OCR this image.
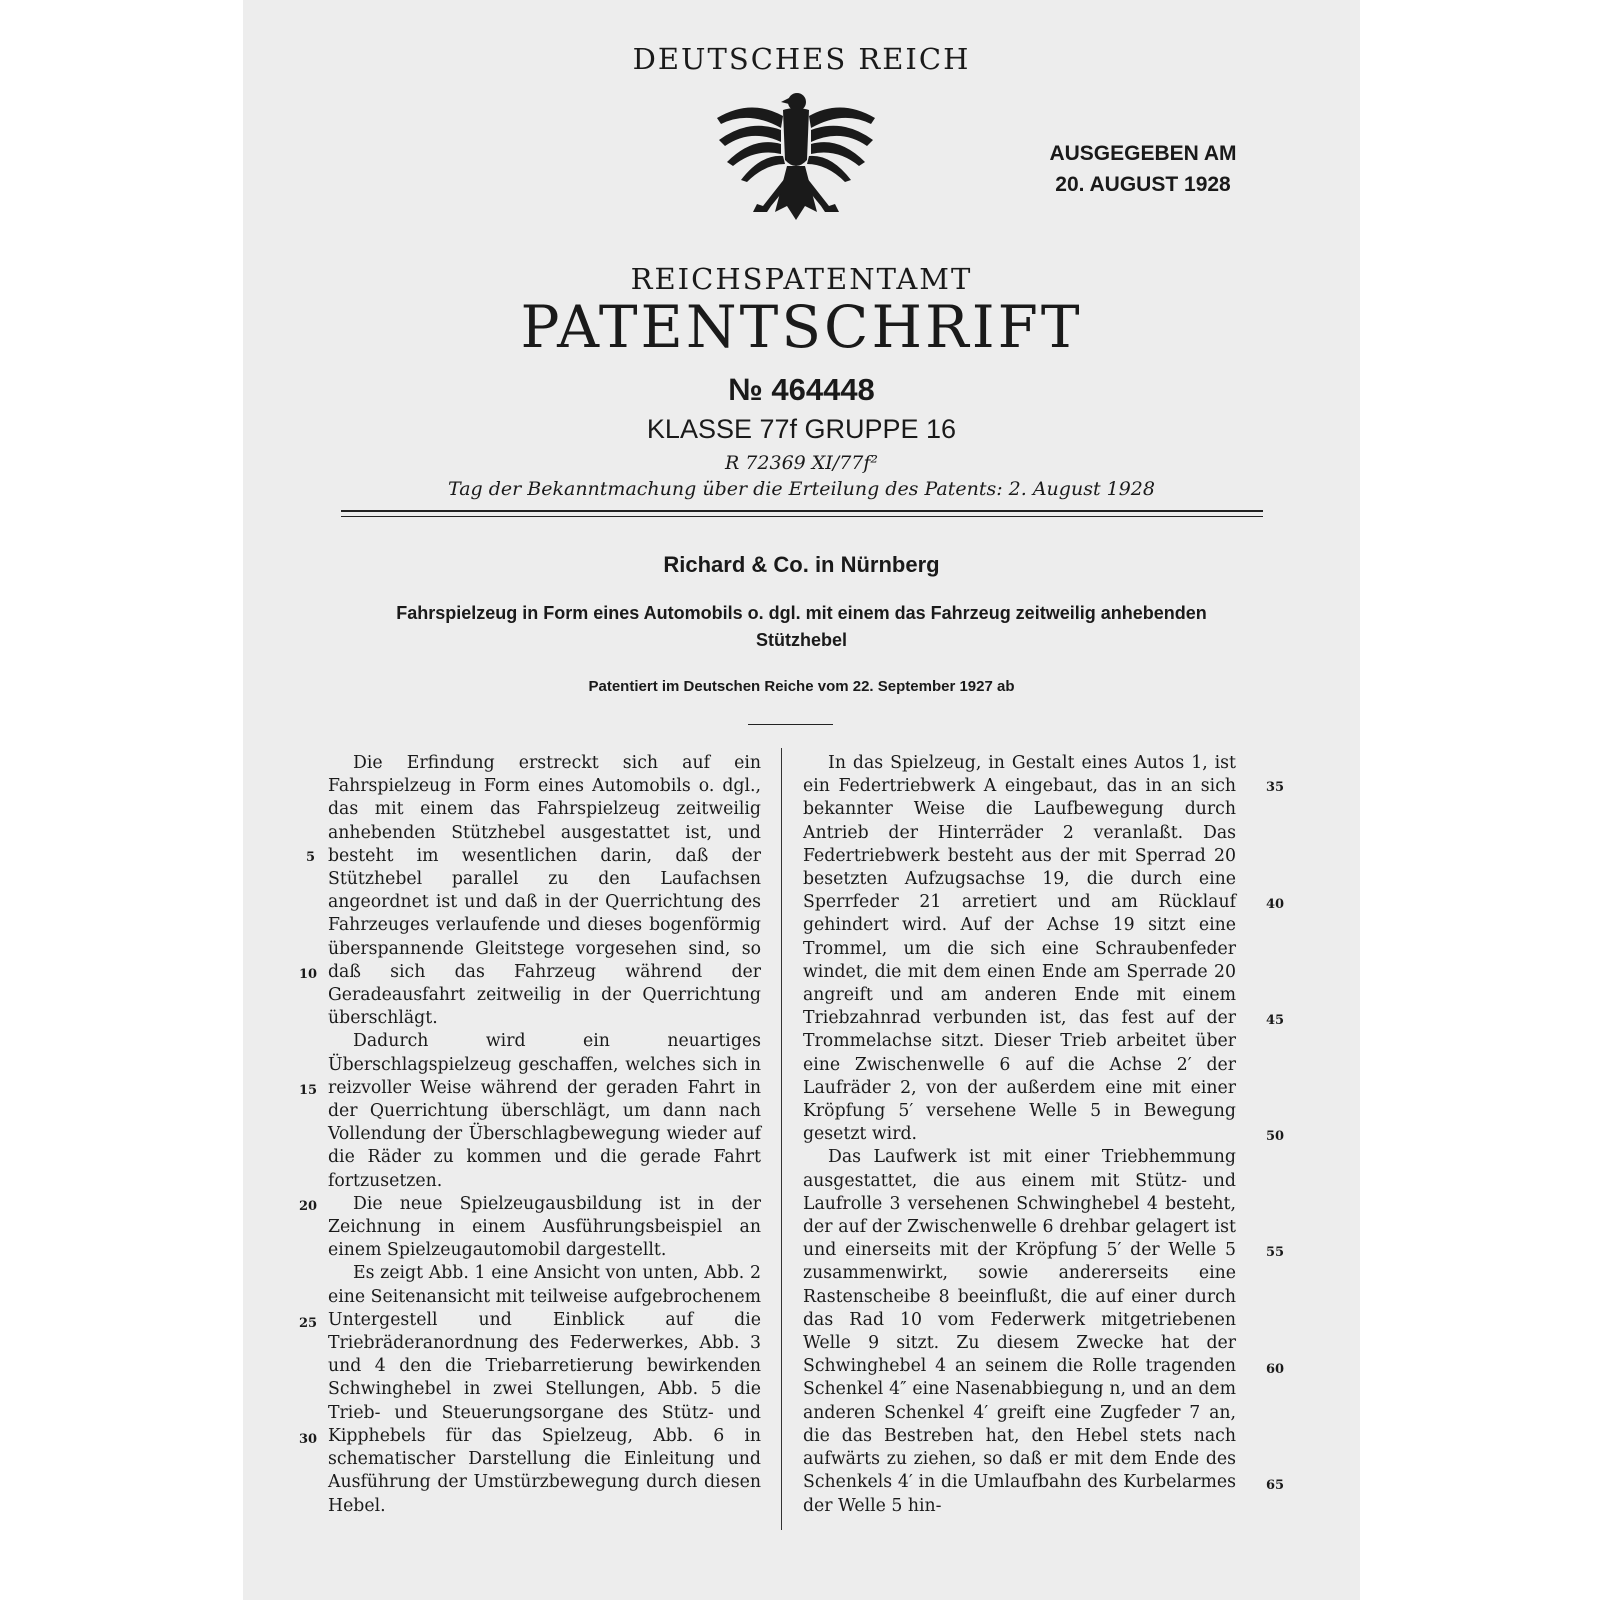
DEUTSCHES REICH
AUSGEGEBEN AM
20. AUGUST 1928
REICHSPATENTAMT
PATENTSCHRIFT
№ 464448
KLASSE 77f GRUPPE 16
R 72369 XI/77f²
Tag der Bekanntmachung über die Erteilung des Patents: 2. August 1928
Richard & Co. in Nürnberg
Fahrspielzeug in Form eines Automobils o. dgl. mit einem das Fahrzeug zeitweilig anhebenden Stützhebel
Patentiert im Deutschen Reiche vom 22. September 1927 ab

Die Erfindung erstreckt sich auf ein Fahrspielzeug in Form eines Automobils o. dgl., das mit einem das Fahrspielzeug zeitweilig anhebenden Stützhebel ausgestattet ist, und besteht im wesentlichen darin, daß der Stützhebel parallel zu den Laufachsen angeordnet ist und daß in der Querrichtung des Fahrzeuges verlaufende und dieses bogenförmig überspannende Gleitstege vorgesehen sind, so daß sich das Fahrzeug während der Geradeausfahrt zeitweilig in der Querrichtung überschlägt.

Dadurch wird ein neuartiges Überschlagspielzeug geschaffen, welches sich in reizvoller Weise während der geraden Fahrt in der Querrichtung überschlägt, um dann nach Vollendung der Überschlagbewegung wieder auf die Räder zu kommen und die gerade Fahrt fortzusetzen.

Die neue Spielzeugausbildung ist in der Zeichnung in einem Ausführungsbeispiel an einem Spielzeugautomobil dargestellt.

Es zeigt Abb. 1 eine Ansicht von unten, Abb. 2 eine Seitenansicht mit teilweise aufgebrochenem Untergestell und Einblick auf die Triebräderanordnung des Federwerkes, Abb. 3 und 4 den die Triebarretierung bewirkenden Schwinghebel in zwei Stellungen, Abb. 5 die Trieb- und Steuerungsorgane des Stütz- und Kipphebels für das Spielzeug, Abb. 6 in schematischer Darstellung die Einleitung und Ausführung der Umstürzbewegung durch diesen Hebel.

In das Spielzeug, in Gestalt eines Autos 1, ist ein Federtriebwerk A eingebaut, das in an sich bekannter Weise die Laufbewegung durch Antrieb der Hinterräder 2 veranlaßt. Das Federtriebwerk besteht aus der mit Sperrad 20 besetzten Aufzugsachse 19, die durch eine Sperrfeder 21 arretiert und am Rücklauf gehindert wird. Auf der Achse 19 sitzt eine Trommel, um die sich eine Schraubenfeder windet, die mit dem einen Ende am Sperrade 20 angreift und am anderen Ende mit einem Triebzahnrad verbunden ist, das fest auf der Trommelachse sitzt. Dieser Trieb arbeitet über eine Zwischenwelle 6 auf die Achse 2′ der Laufräder 2, von der außerdem eine mit einer Kröpfung 5′ versehene Welle 5 in Bewegung gesetzt wird.

Das Laufwerk ist mit einer Triebhemmung ausgestattet, die aus einem mit Stütz- und Laufrolle 3 versehenen Schwinghebel 4 besteht, der auf der Zwischenwelle 6 drehbar gelagert ist und einerseits mit der Kröpfung 5′ der Welle 5 zusammenwirkt, sowie andererseits eine Rastenscheibe 8 beeinflußt, die auf einer durch das Rad 10 vom Federwerk mitgetriebenen Welle 9 sitzt. Zu diesem Zwecke hat der Schwinghebel 4 an seinem die Rolle tragenden Schenkel 4″ eine Nasenabbiegung n, und an dem anderen Schenkel 4′ greift eine Zugfeder 7 an, die das Bestreben hat, den Hebel stets nach aufwärts zu ziehen, so daß er mit dem Ende des Schenkels 4′ in die Umlaufbahn des Kurbelarmes der Welle 5 hin-

5
10
15
20
25
30
35
40
45
50
55
60
65
